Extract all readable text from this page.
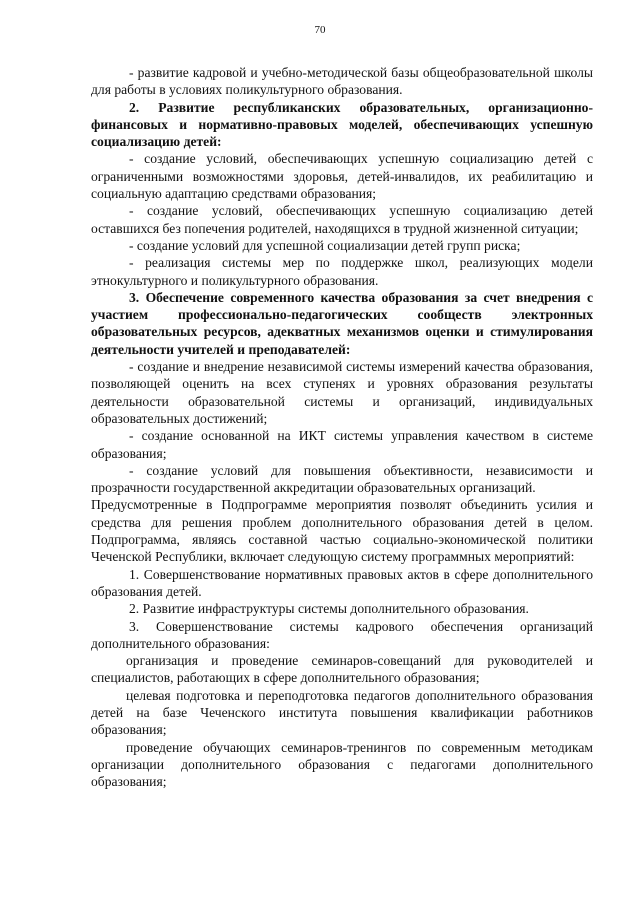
70

- развитие кадровой и учебно-методической базы общеобразовательной школы для работы в условиях поликультурного образования.

2. Развитие республиканских образовательных, организационно-финансовых и нормативно-правовых моделей, обеспечивающих успешную социализацию детей:

- создание условий, обеспечивающих успешную социализацию детей с ограниченными возможностями здоровья, детей-инвалидов, их реабилитацию и социальную адаптацию средствами образования;

- создание условий, обеспечивающих успешную социализацию детей оставшихся без попечения родителей, находящихся в трудной жизненной ситуации;

- создание условий для успешной социализации детей групп риска;

- реализация системы мер по поддержке школ, реализующих модели этнокультурного и поликультурного образования.

3. Обеспечение современного качества образования за счет внедрения с участием профессионально-педагогических сообществ электронных образовательных ресурсов, адекватных механизмов оценки и стимулирования деятельности учителей и преподавателей:

- создание и внедрение независимой системы измерений качества образования, позволяющей оценить на всех ступенях и уровнях образования результаты деятельности образовательной системы и организаций, индивидуальных образовательных достижений;

- создание основанной на ИКТ системы управления качеством в системе образования;

- создание условий для повышения объективности, независимости и прозрачности государственной аккредитации образовательных организаций.

Предусмотренные в Подпрограмме мероприятия позволят объединить усилия и средства для решения проблем дополнительного образования детей в целом. Подпрограмма, являясь составной частью социально-экономической политики Чеченской Республики, включает следующую систему программных мероприятий:

1. Совершенствование нормативных правовых актов в сфере дополнительного образования детей.

2. Развитие инфраструктуры системы дополнительного образования.

3. Совершенствование системы кадрового обеспечения организаций дополнительного образования:

организация и проведение семинаров-совещаний для руководителей и специалистов, работающих в сфере дополнительного образования;

целевая подготовка и переподготовка педагогов дополнительного образования детей на базе Чеченского института повышения квалификации работников образования;

проведение обучающих семинаров-тренингов по современным методикам организации дополнительного образования с педагогами дополнительного образования;
